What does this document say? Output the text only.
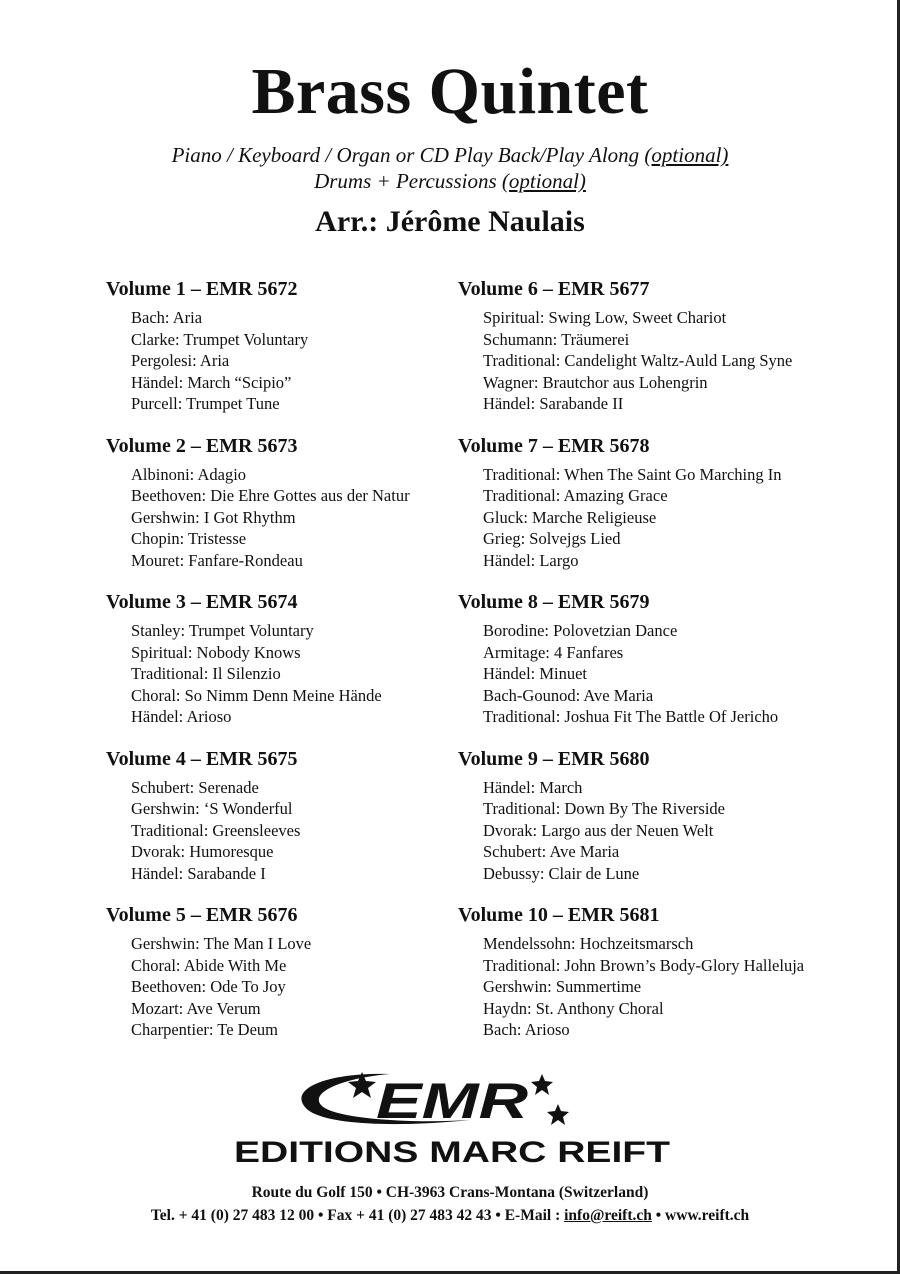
Brass Quintet
Piano / Keyboard / Organ or CD Play Back/Play Along (optional)
Drums + Percussions (optional)
Arr.: Jérôme Naulais
Volume 1 – EMR 5672
Bach: Aria
Clarke: Trumpet Voluntary
Pergolesi: Aria
Händel: March “Scipio”
Purcell: Trumpet Tune
Volume 2 – EMR 5673
Albinoni: Adagio
Beethoven: Die Ehre Gottes aus der Natur
Gershwin: I Got Rhythm
Chopin: Tristesse
Mouret: Fanfare-Rondeau
Volume 3 – EMR 5674
Stanley: Trumpet Voluntary
Spiritual: Nobody Knows
Traditional: Il Silenzio
Choral: So Nimm Denn Meine Hände
Händel: Arioso
Volume 4 – EMR 5675
Schubert: Serenade
Gershwin: ‘S Wonderful
Traditional: Greensleeves
Dvorak: Humoresque
Händel: Sarabande I
Volume 5 – EMR 5676
Gershwin: The Man I Love
Choral: Abide With Me
Beethoven: Ode To Joy
Mozart: Ave Verum
Charpentier: Te Deum
Volume 6 – EMR 5677
Spiritual: Swing Low, Sweet Chariot
Schumann: Träumerei
Traditional: Candelight Waltz-Auld Lang Syne
Wagner: Brautchor aus Lohengrin
Händel: Sarabande II
Volume 7 – EMR 5678
Traditional: When The Saint Go Marching In
Traditional: Amazing Grace
Gluck: Marche Religieuse
Grieg: Solvejgs Lied
Händel: Largo
Volume 8 – EMR 5679
Borodine: Polovetzian Dance
Armitage: 4 Fanfares
Händel: Minuet
Bach-Gounod: Ave Maria
Traditional: Joshua Fit The Battle Of Jericho
Volume 9 – EMR 5680
Händel: March
Traditional: Down By The Riverside
Dvorak: Largo aus der Neuen Welt
Schubert: Ave Maria
Debussy: Clair de Lune
Volume 10 – EMR 5681
Mendelssohn: Hochzeitsmarsch
Traditional: John Brown’s Body-Glory Halleluja
Gershwin: Summertime
Haydn: St. Anthony Choral
Bach: Arioso
EMR
EDITIONS MARC REIFT
Route du Golf 150 • CH-3963 Crans-Montana (Switzerland)
Tel. + 41 (0) 27 483 12 00 • Fax + 41 (0) 27 483 42 43 • E-Mail : info@reift.ch • www.reift.ch
